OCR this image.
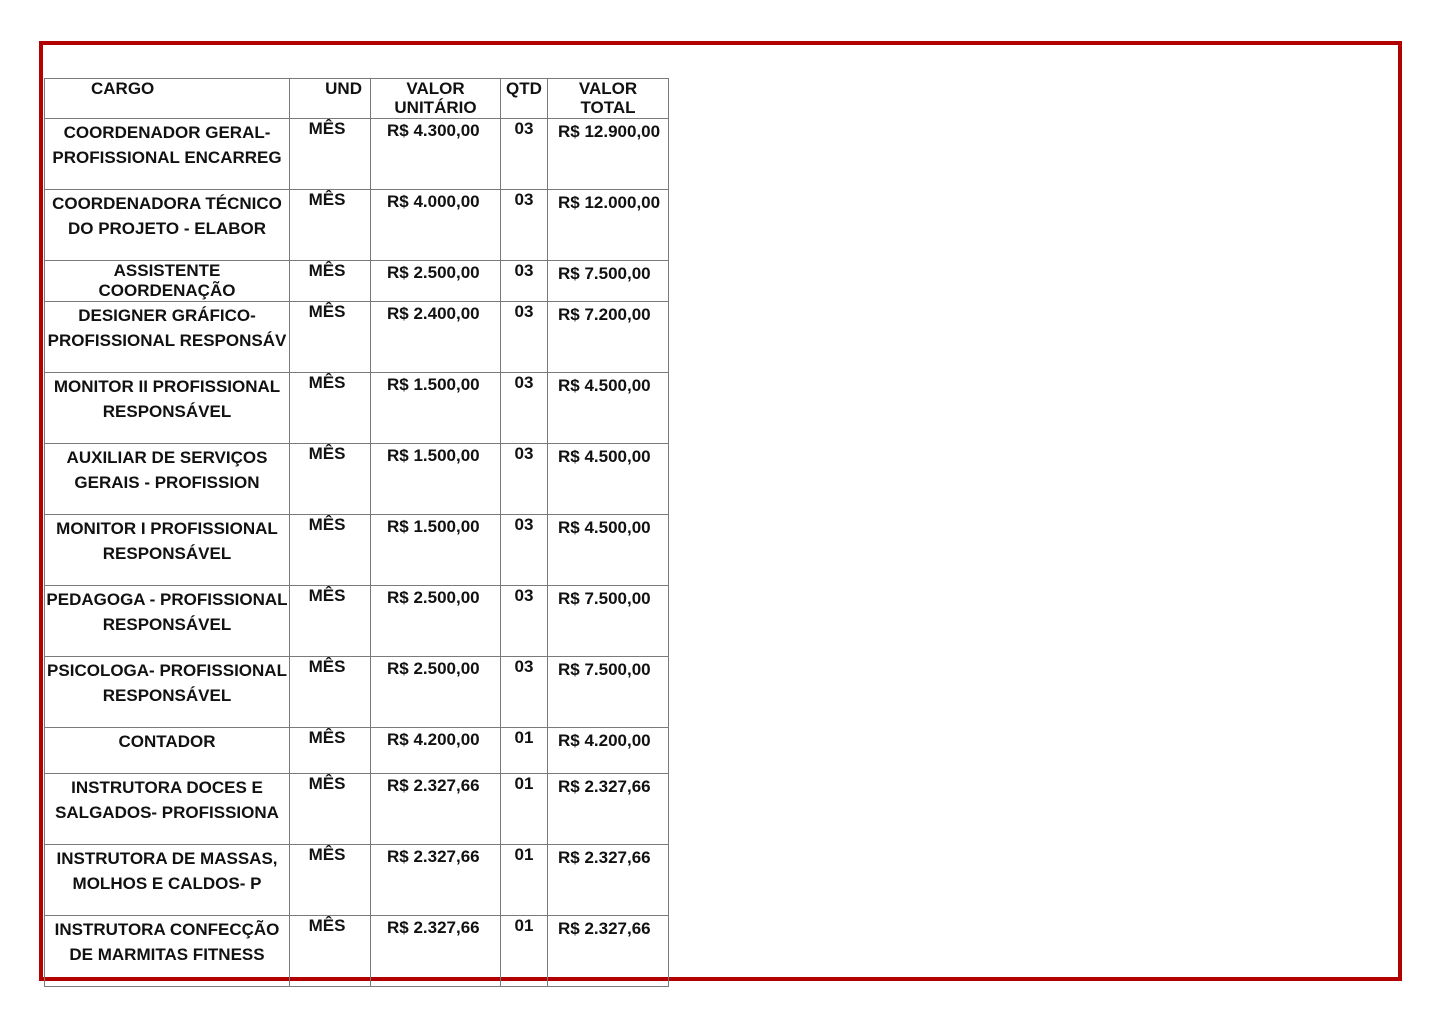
CARGO	UND	VALOR UNITÁRIO	QTD	VALOR TOTAL

COORDENADOR GERAL-PROFISSIONAL ENCARREG	MÊS	R$ 4.300,00	03	R$ 12.900,00

COORDENADORA TÉCNICO DO PROJETO - ELABOR	MÊS	R$ 4.000,00	03	R$ 12.000,00

ASSISTENTE COORDENAÇÃO	MÊS	R$ 2.500,00	03	R$ 7.500,00

DESIGNER GRÁFICO-PROFISSIONAL RESPONSÁV	MÊS	R$ 2.400,00	03	R$ 7.200,00

MONITOR II PROFISSIONAL RESPONSÁVEL	MÊS	R$ 1.500,00	03	R$ 4.500,00

AUXILIAR DE SERVIÇOS GERAIS - PROFISSION	MÊS	R$ 1.500,00	03	R$ 4.500,00

MONITOR I PROFISSIONAL RESPONSÁVEL	MÊS	R$ 1.500,00	03	R$ 4.500,00

PEDAGOGA - PROFISSIONAL RESPONSÁVEL	MÊS	R$ 2.500,00	03	R$ 7.500,00

PSICOLOGA- PROFISSIONAL RESPONSÁVEL	MÊS	R$ 2.500,00	03	R$ 7.500,00

CONTADOR	MÊS	R$ 4.200,00	01	R$ 4.200,00

INSTRUTORA DOCES E SALGADOS- PROFISSIONA	MÊS	R$ 2.327,66	01	R$ 2.327,66

INSTRUTORA DE MASSAS, MOLHOS E CALDOS- P	MÊS	R$ 2.327,66	01	R$ 2.327,66

INSTRUTORA CONFECÇÃO DE MARMITAS FITNESS	MÊS	R$ 2.327,66	01	R$ 2.327,66
